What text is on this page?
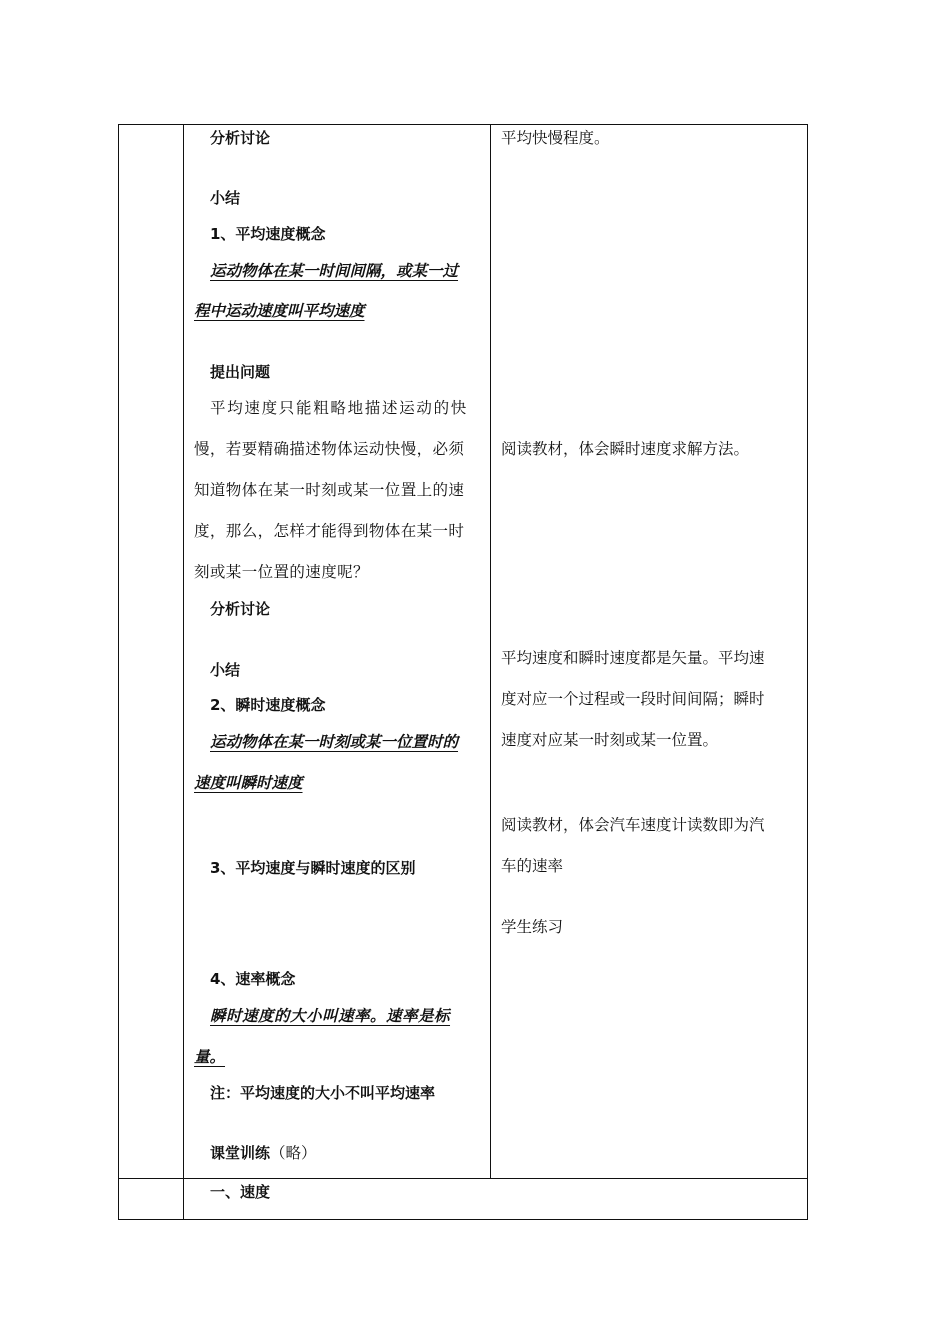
分析讨论
小结
1、平均速度概念
运动物体在某一时间间隔，或某一过
程中运动速度叫平均速度
提出问题
平均速度只能粗略地描述运动的快
慢，若要精确描述物体运动快慢，必须
知道物体在某一时刻或某一位置上的速
度，那么，怎样才能得到物体在某一时
刻或某一位置的速度呢？
分析讨论
小结
2、瞬时速度概念
运动物体在某一时刻或某一位置时的
速度叫瞬时速度
3、平均速度与瞬时速度的区别
4、速率概念
瞬时速度的大小叫速率。速率是标
量。
注：平均速度的大小不叫平均速率
课堂训练（略）
平均快慢程度。
阅读教材，体会瞬时速度求解方法。
平均速度和瞬时速度都是矢量。平均速
度对应一个过程或一段时间间隔；瞬时
速度对应某一时刻或某一位置。
阅读教材，体会汽车速度计读数即为汽
车的速率
学生练习
一、速度
